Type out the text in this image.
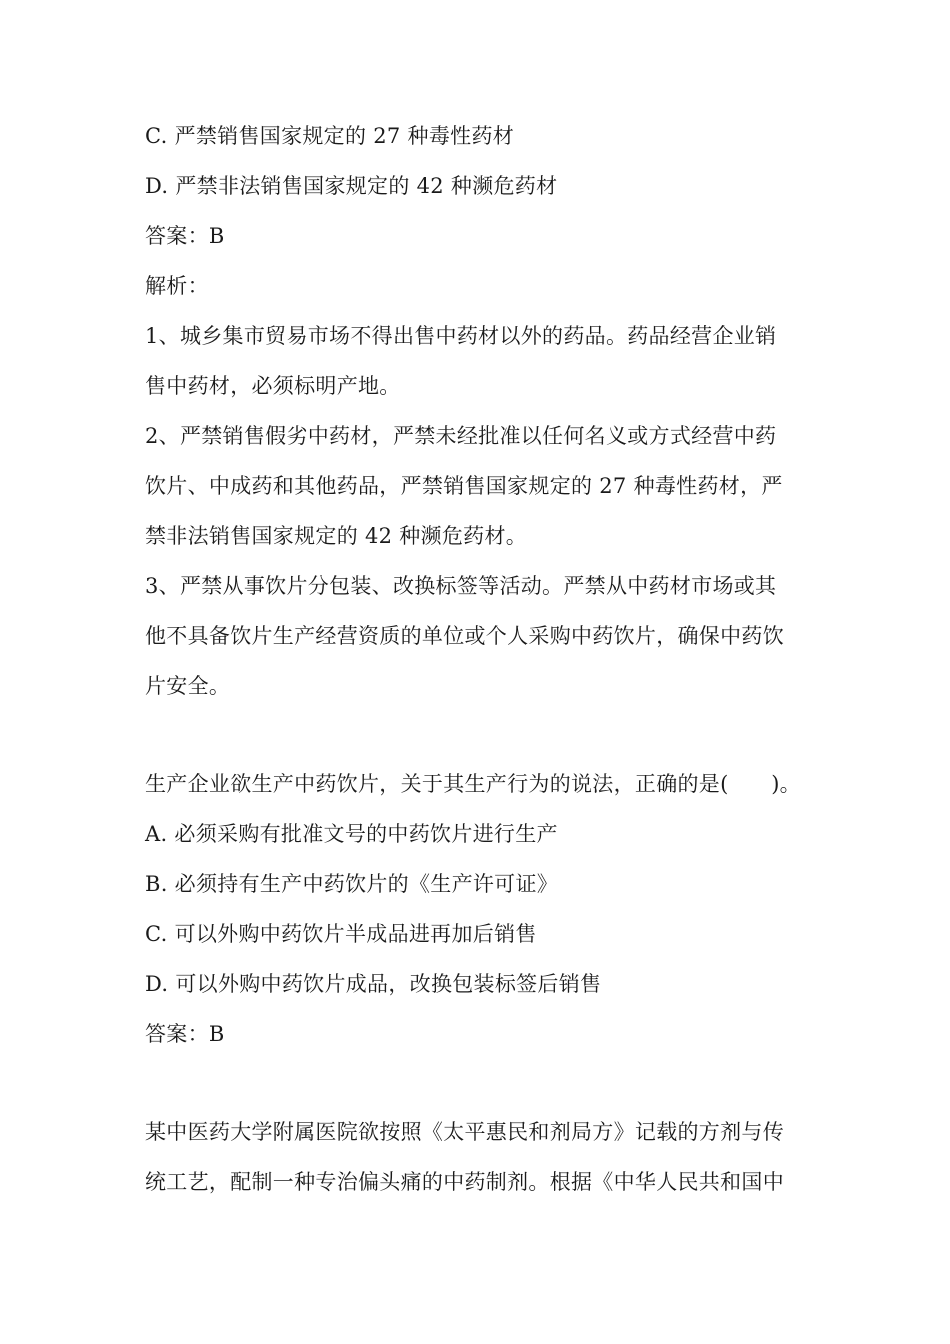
C. 严禁销售国家规定的 27 种毒性药材
D. 严禁非法销售国家规定的 42 种濒危药材
答案：B
解析：
1、城乡集市贸易市场不得出售中药材以外的药品。药品经营企业销
售中药材，必须标明产地。
2、严禁销售假劣中药材，严禁未经批准以任何名义或方式经营中药
饮片、中成药和其他药品，严禁销售国家规定的 27 种毒性药材，严
禁非法销售国家规定的 42 种濒危药材。
3、严禁从事饮片分包装、改换标签等活动。严禁从中药材市场或其
他不具备饮片生产经营资质的单位或个人采购中药饮片，确保中药饮
片安全。
生产企业欲生产中药饮片，关于其生产行为的说法，正确的是(　　)。
A. 必须采购有批准文号的中药饮片进行生产
B. 必须持有生产中药饮片的《生产许可证》
C. 可以外购中药饮片半成品进再加后销售
D. 可以外购中药饮片成品，改换包装标签后销售
答案：B
某中医药大学附属医院欲按照《太平惠民和剂局方》记载的方剂与传
统工艺，配制一种专治偏头痛的中药制剂。根据《中华人民共和国中
